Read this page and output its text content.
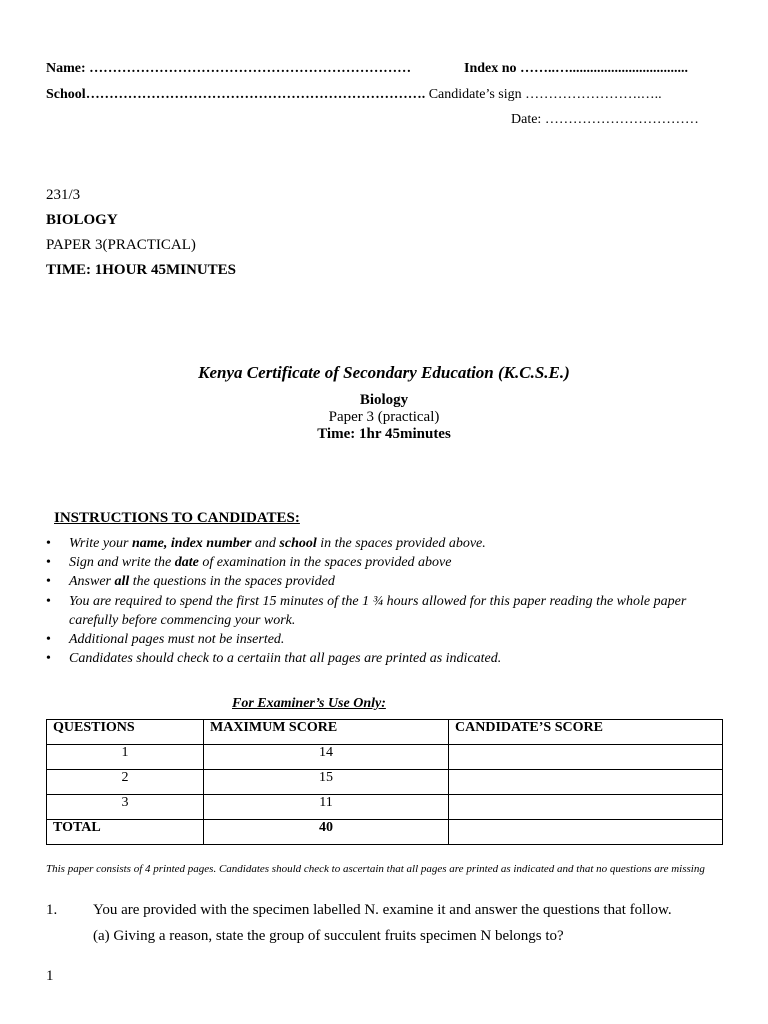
Name: ……………………………………………………………	Index no ……..…..................................
School………………………………………………………………. Candidate’s sign …………………….…..
Date: ……………………………
231/3
BIOLOGY
PAPER 3(PRACTICAL)
TIME: 1HOUR 45MINUTES
Kenya Certificate of Secondary Education (K.C.S.E.)
Biology
Paper 3 (practical)
Time: 1hr 45minutes
INSTRUCTIONS TO CANDIDATES:
• Write your name, index number and school in the spaces provided above.
• Sign and write the date of examination in the spaces provided above
• Answer all the questions in the spaces provided
• You are required to spend the first 15 minutes of the 1 ¾ hours allowed for this paper reading the whole paper carefully before commencing your work.
• Additional pages must not be inserted.
• Candidates should check to a certaiin that all pages are printed as indicated.
For Examiner’s Use Only:
QUESTIONS	MAXIMUM SCORE	CANDIDATE’S SCORE
1	14	
2	15	
3	11	
TOTAL	40	
This paper consists of 4 printed pages. Candidates should check to ascertain that all pages are printed as indicated and that no questions are missing
1. You are provided with the specimen labelled N. examine it and answer the questions that follow.
(a) Giving a reason, state the group of succulent fruits specimen N belongs to?
1
